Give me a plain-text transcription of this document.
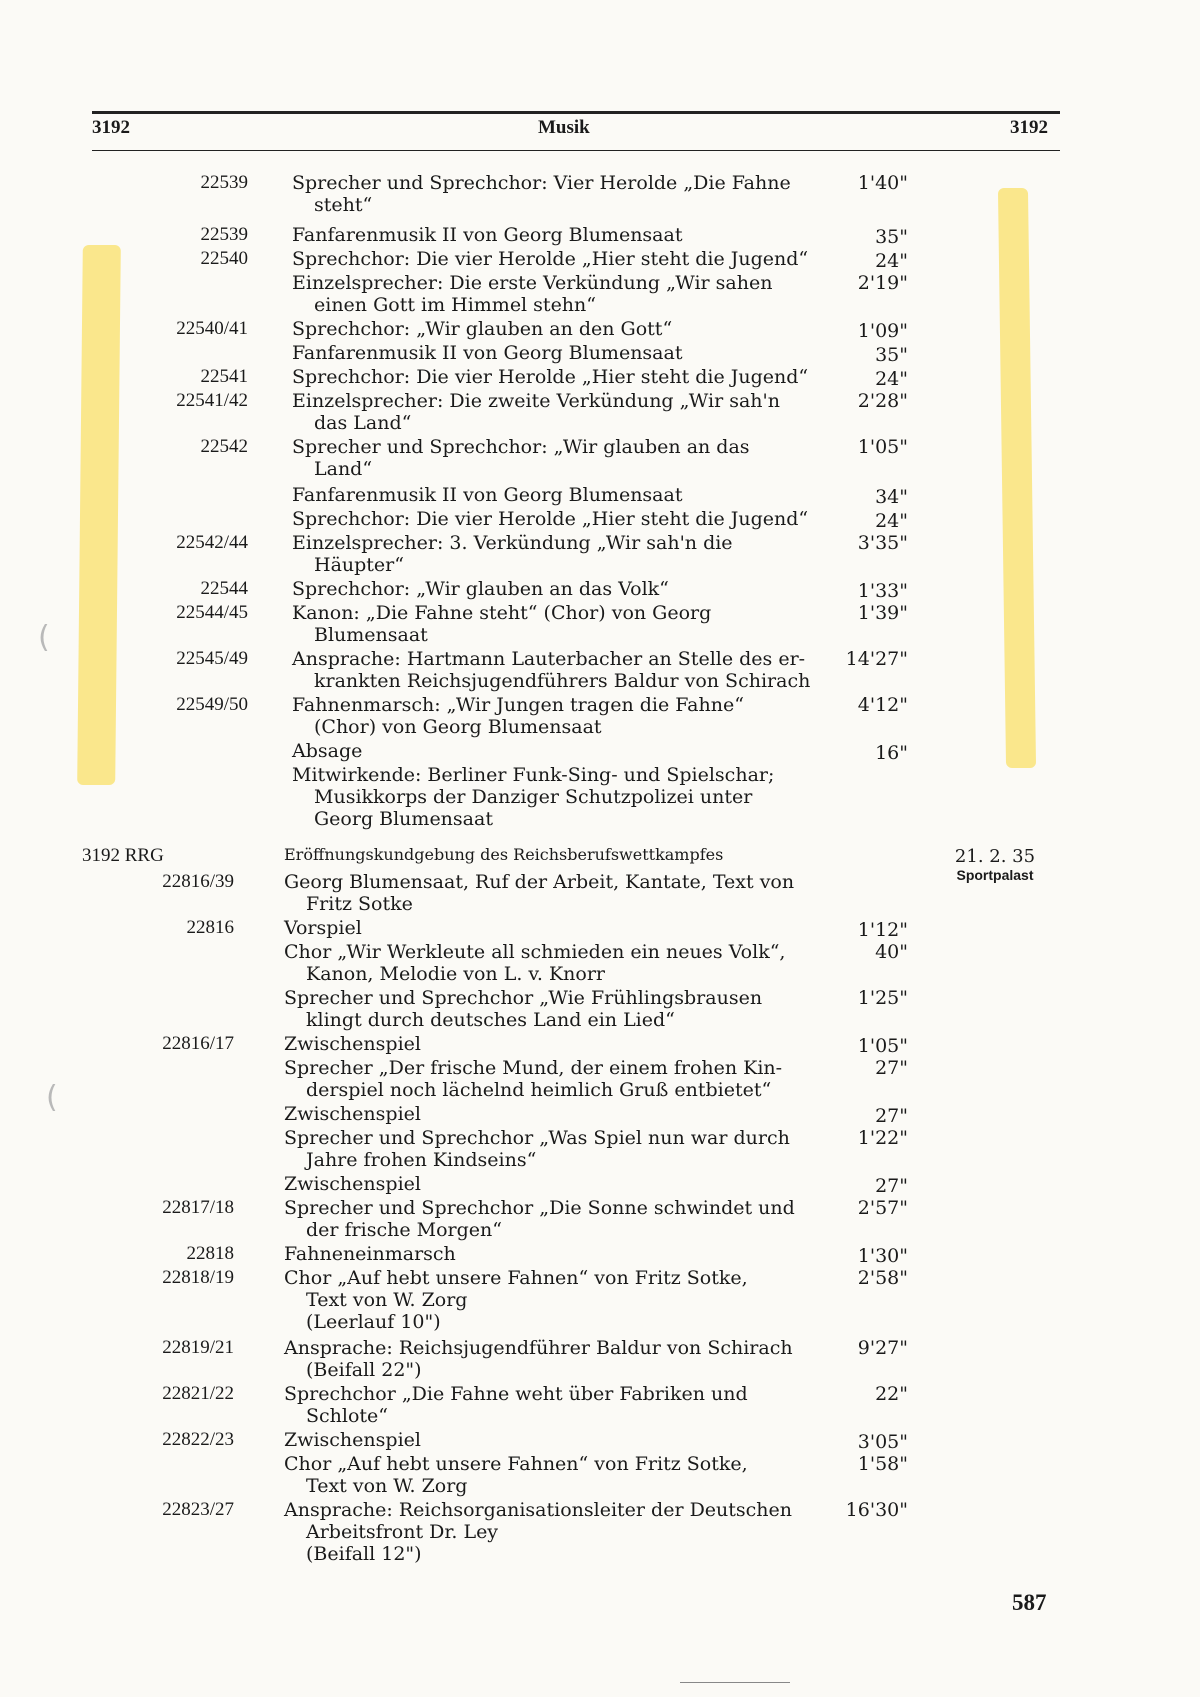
(
(
3192	Musik	3192
22539 Sprecher und Sprechchor: Vier Herolde „Die Fahne
steht“
1'40"
22539 Fanfarenmusik II von Georg Blumensaat	35"
22540 Sprechchor: Die vier Herolde „Hier steht die Jugend“	24"
Einzelsprecher: Die erste Verkündung „Wir sahen
einen Gott im Himmel stehn“
2'19"
22540/41 Sprechchor: „Wir glauben an den Gott“	1'09"
Fanfarenmusik II von Georg Blumensaat	35"
22541 Sprechchor: Die vier Herolde „Hier steht die Jugend“	24"
22541/42 Einzelsprecher: Die zweite Verkündung „Wir sah'n
das Land“
2'28"
22542 Sprecher und Sprechchor: „Wir glauben an das
Land“
1'05"
Fanfarenmusik II von Georg Blumensaat	34"
Sprechchor: Die vier Herolde „Hier steht die Jugend“	24"
22542/44 Einzelsprecher: 3. Verkündung „Wir sah'n die
Häupter“
3'35"
22544 Sprechchor: „Wir glauben an das Volk“	1'33"
22544/45 Kanon: „Die Fahne steht“ (Chor) von Georg
Blumensaat
1'39"
22545/49 Ansprache: Hartmann Lauterbacher an Stelle des er-
krankten Reichsjugendführers Baldur von Schirach
14'27"
22549/50 Fahnenmarsch: „Wir Jungen tragen die Fahne“
(Chor) von Georg Blumensaat
4'12"
Absage	16"
Mitwirkende: Berliner Funk-Sing- und Spielschar;
Musikkorps der Danziger Schutzpolizei unter
Georg Blumensaat
3192 RRG	Eröffnungskundgebung des Reichsberufswettkampfes	21. 2. 35
Sportpalast
22816/39	Georg Blumensaat, Ruf der Arbeit, Kantate, Text von
Fritz Sotke
22816	Vorspiel	1'12"
Chor „Wir Werkleute all schmieden ein neues Volk“,
Kanon, Melodie von L. v. Knorr
40"
Sprecher und Sprechchor „Wie Frühlingsbrausen
klingt durch deutsches Land ein Lied“
1'25"
22816/17	Zwischenspiel	1'05"
Sprecher „Der frische Mund, der einem frohen Kin-
derspiel noch lächelnd heimlich Gruß entbietet“
27"
Zwischenspiel	27"
Sprecher und Sprechchor „Was Spiel nun war durch
Jahre frohen Kindseins“
1'22"
Zwischenspiel	27"
22817/18	Sprecher und Sprechchor „Die Sonne schwindet und
der frische Morgen“
2'57"
22818	Fahneneinmarsch	1'30"
22818/19	Chor „Auf hebt unsere Fahnen“ von Fritz Sotke,
Text von W. Zorg
(Leerlauf 10")
2'58"
22819/21	Ansprache: Reichsjugendführer Baldur von Schirach
(Beifall 22")
9'27"
22821/22	Sprechchor „Die Fahne weht über Fabriken und
Schlote“
22"
22822/23	Zwischenspiel	3'05"
Chor „Auf hebt unsere Fahnen“ von Fritz Sotke,
Text von W. Zorg
1'58"
22823/27	Ansprache: Reichsorganisationsleiter der Deutschen
Arbeitsfront Dr. Ley
(Beifall 12")
16'30"
587
